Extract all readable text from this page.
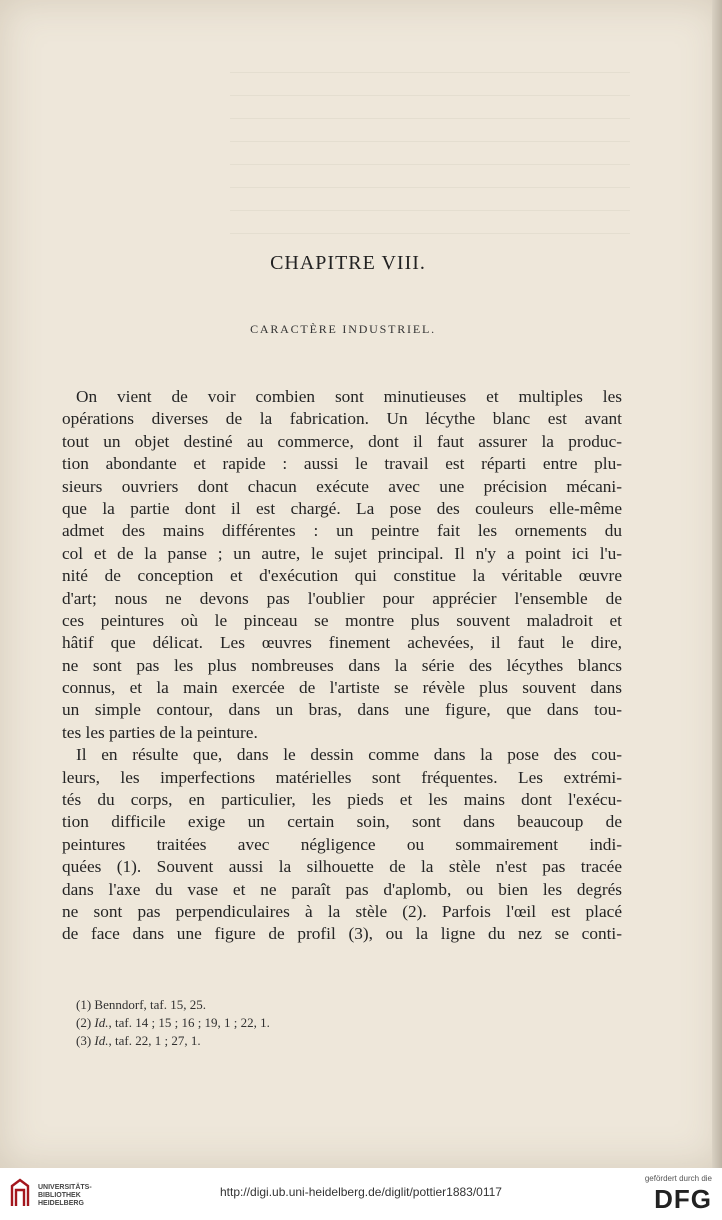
CHAPITRE VIII.
CARACTÈRE INDUSTRIEL.
On vient de voir combien sont minutieuses et multiples les
opérations diverses de la fabrication. Un lécythe blanc est avant
tout un objet destiné au commerce, dont il faut assurer la produc-
tion abondante et rapide : aussi le travail est réparti entre plu-
sieurs ouvriers dont chacun exécute avec une précision mécani-
que la partie dont il est chargé. La pose des couleurs elle-même
admet des mains différentes : un peintre fait les ornements du
col et de la panse ; un autre, le sujet principal. Il n'y a point ici l'u-
nité de conception et d'exécution qui constitue la véritable œuvre
d'art; nous ne devons pas l'oublier pour apprécier l'ensemble de
ces peintures où le pinceau se montre plus souvent maladroit et
hâtif que délicat. Les œuvres finement achevées, il faut le dire,
ne sont pas les plus nombreuses dans la série des lécythes blancs
connus, et la main exercée de l'artiste se révèle plus souvent dans
un simple contour, dans un bras, dans une figure, que dans tou-
tes les parties de la peinture.
Il en résulte que, dans le dessin comme dans la pose des cou-
leurs, les imperfections matérielles sont fréquentes. Les extrémi-
tés du corps, en particulier, les pieds et les mains dont l'exécu-
tion difficile exige un certain soin, sont dans beaucoup de
peintures traitées avec négligence ou sommairement indi-
quées (1). Souvent aussi la silhouette de la stèle n'est pas tracée
dans l'axe du vase et ne paraît pas d'aplomb, ou bien les degrés
ne sont pas perpendiculaires à la stèle (2). Parfois l'œil est placé
de face dans une figure de profil (3), ou la ligne du nez se conti-
(1) Benndorf, taf. 15, 25.
(2) Id., taf. 14 ; 15 ; 16 ; 19, 1 ; 22, 1.
(3) Id., taf. 22, 1 ; 27, 1.
UNIVERSITÄTS-
BIBLIOTHEK
HEIDELBERG
http://digi.ub.uni-heidelberg.de/diglit/pottier1883/0117
gefördert durch die
DFG
